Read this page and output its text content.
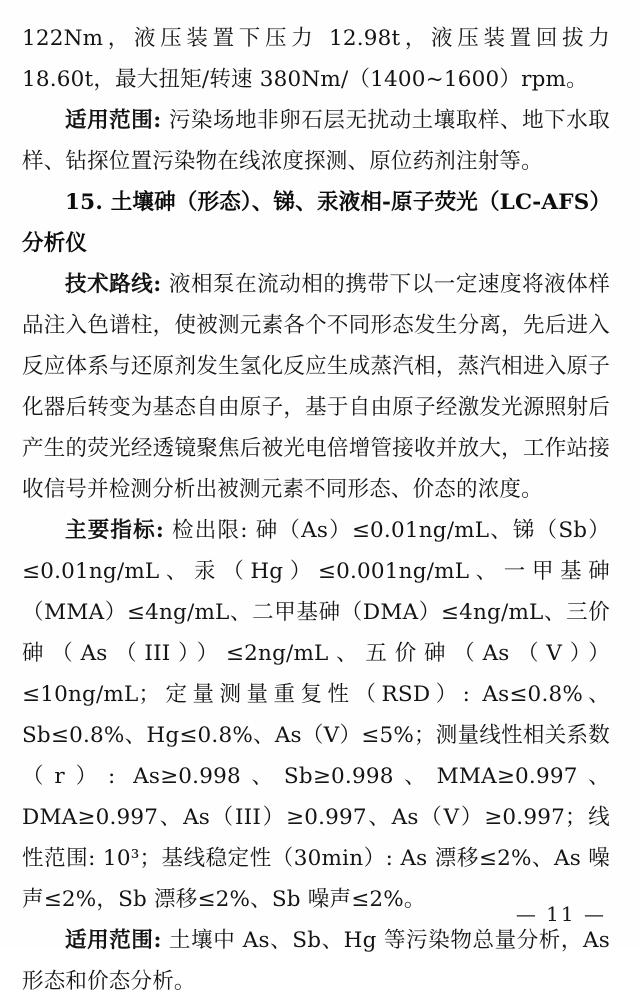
122Nm，液压装置下压力 12.98t，液压装置回拔力 18.60t，最大扭矩/转速 380Nm/（1400~1600）rpm。

适用范围: 污染场地非卵石层无扰动土壤取样、地下水取样、钻探位置污染物在线浓度探测、原位药剂注射等。

15. 土壤砷（形态）、锑、汞液相-原子荧光（LC-AFS）分析仪

技术路线: 液相泵在流动相的携带下以一定速度将液体样品注入色谱柱，使被测元素各个不同形态发生分离，先后进入反应体系与还原剂发生氢化反应生成蒸汽相，蒸汽相进入原子化器后转变为基态自由原子，基于自由原子经激发光源照射后产生的荧光经透镜聚焦后被光电倍增管接收并放大，工作站接收信号并检测分析出被测元素不同形态、价态的浓度。

主要指标: 检出限: 砷（As）≤0.01ng/mL、锑（Sb）≤0.01ng/mL、汞（Hg）≤0.001ng/mL、一甲基砷（MMA）≤4ng/mL、二甲基砷（DMA）≤4ng/mL、三价砷（As（III））≤2ng/mL、五价砷（As（V））≤10ng/mL；定量测量重复性（RSD）: As≤0.8%、Sb≤0.8%、Hg≤0.8%、As（V）≤5%；测量线性相关系数（r）: As≥0.998、Sb≥0.998、MMA≥0.997、DMA≥0.997、As（III）≥0.997、As（V）≥0.997；线性范围: 10³；基线稳定性（30min）: As 漂移≤2%、As 噪声≤2%，Sb 漂移≤2%、Sb 噪声≤2%。

适用范围: 土壤中 As、Sb、Hg 等污染物总量分析，As 形态和价态分析。

— 11 —
